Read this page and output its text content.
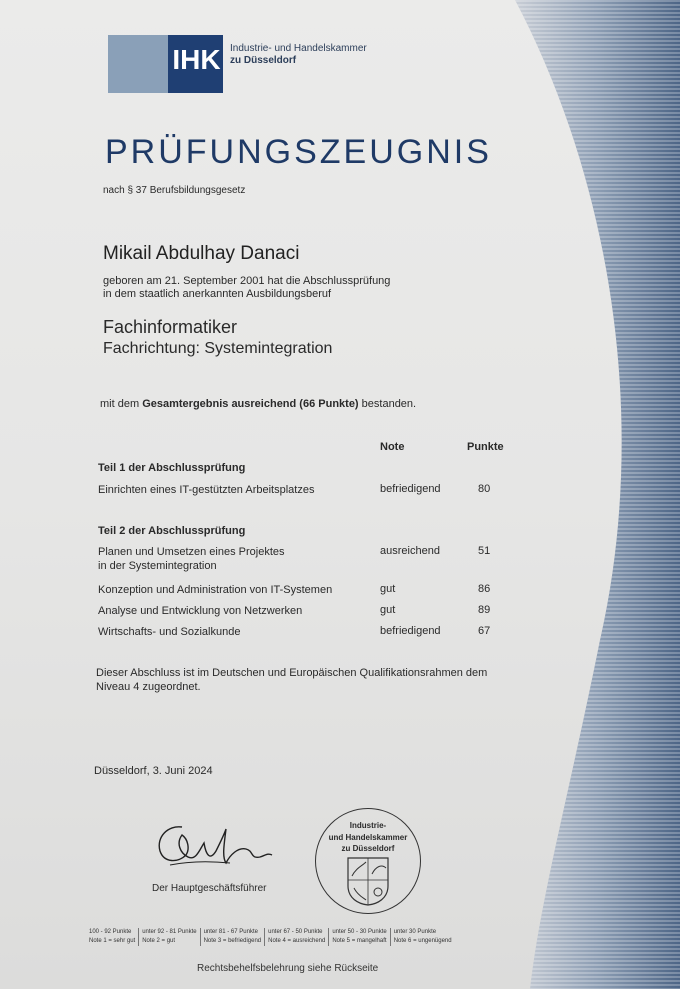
IHK Industrie- und Handelskammer
zu Düsseldorf
PRÜFUNGSZEUGNIS
nach § 37 Berufsbildungsgesetz
Mikail Abdulhay Danaci
geboren am 21. September 2001 hat die Abschlussprüfung
in dem staatlich anerkannten Ausbildungsberuf
Fachinformatiker
Fachrichtung: Systemintegration
mit dem Gesamtergebnis ausreichend (66 Punkte) bestanden.
Note	Punkte
Teil 1 der Abschlussprüfung
Einrichten eines IT-gestützten Arbeitsplatzes	befriedigend	80
Teil 2 der Abschlussprüfung
Planen und Umsetzen eines Projektes
in der Systemintegration
ausreichend	51
Konzeption und Administration von IT-Systemen	gut	86
Analyse und Entwicklung von Netzwerken	gut	89
Wirtschafts- und Sozialkunde	befriedigend	67
Dieser Abschluss ist im Deutschen und Europäischen Qualifikationsrahmen dem
Niveau 4 zugeordnet.
Düsseldorf, 3. Juni 2024
Der Hauptgeschäftsführer
Industrie-
und Handelskammer
zu Düsseldorf
100 - 92 Punkte
Note 1 = sehr gut
unter 92 - 81 Punkte
Note 2 = gut
unter 81 - 67 Punkte
Note 3 = befriedigend
unter 67 - 50 Punkte
Note 4 = ausreichend
unter 50 - 30 Punkte
Note 5 = mangelhaft
unter 30 Punkte
Note 6 = ungenügend
Rechtsbehelfsbelehrung siehe Rückseite
